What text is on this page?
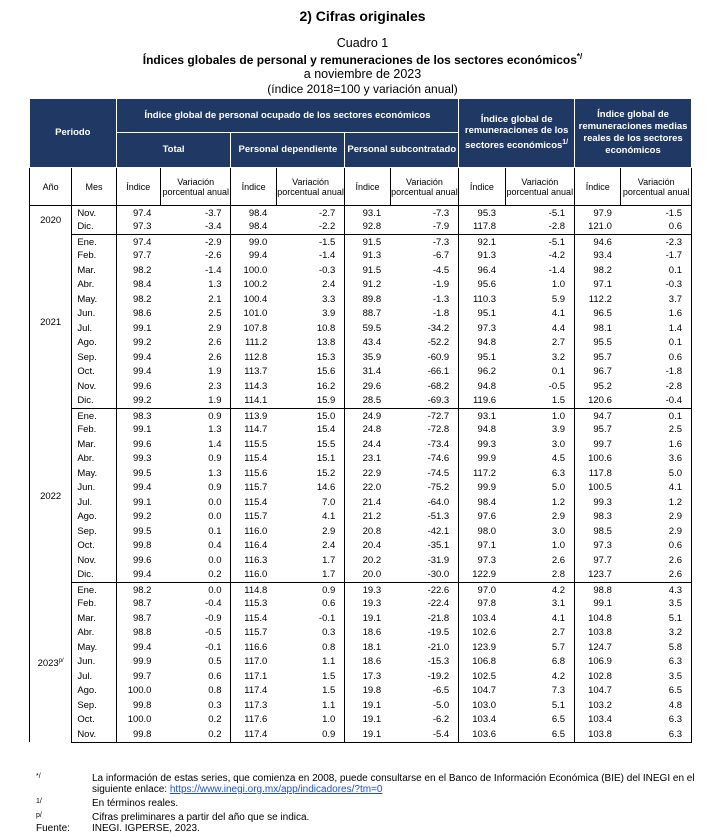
2) Cifras originales
Cuadro 1
Índices globales de personal y remuneraciones de los sectores económicos*/
a noviembre de 2023
(índice 2018=100 y variación anual)
Periodo		Índice global de personal ocupado de los sectores económicos						Índice global de remuneraciones de los sectores económicos$^{1/}$		Índice global de remuneraciones medias reales de los sectores económicos	
		Total		Personal dependiente		Personal subcontratado					
Año	Mes	Índice	Variación porcentual anual	Índice	Variación porcentual anual	Índice	Variación porcentual anual	Índice	Variación porcentual anual	Índice	Variación porcentual anual
2020	Nov.	97.4	-3.7	98.4	-2.7	93.1	-7.3	95.3	-5.1	97.9	-1.5
	Dic.	97.3	-3.4	98.4	-2.2	92.8	-7.9	117.8	-2.8	121.0	0.6
2021	Ene.	97.4	-2.9	99.0	-1.5	91.5	-7.3	92.1	-5.1	94.6	-2.3
	Feb.	97.7	-2.6	99.4	-1.4	91.3	-6.7	91.3	-4.2	93.4	-1.7
	Mar.	98.2	-1.4	100.0	-0.3	91.5	-4.5	96.4	-1.4	98.2	0.1
	Abr.	98.4	1.3	100.2	2.4	91.2	-1.9	95.6	1.0	97.1	-0.3
	May.	98.2	2.1	100.4	3.3	89.8	-1.3	110.3	5.9	112.2	3.7
	Jun.	98.6	2.5	101.0	3.9	88.7	-1.8	95.1	4.1	96.5	1.6
	Jul.	99.1	2.9	107.8	10.8	59.5	-34.2	97.3	4.4	98.1	1.4
	Ago.	99.2	2.6	111.2	13.8	43.4	-52.2	94.8	2.7	95.5	0.1
	Sep.	99.4	2.6	112.8	15.3	35.9	-60.9	95.1	3.2	95.7	0.6
	Oct.	99.4	1.9	113.7	15.6	31.4	-66.1	96.2	0.1	96.7	-1.8
	Nov.	99.6	2.3	114.3	16.2	29.6	-68.2	94.8	-0.5	95.2	-2.8
	Dic.	99.2	1.9	114.1	15.9	28.5	-69.3	119.6	1.5	120.6	-0.4
2022	Ene.	98.3	0.9	113.9	15.0	24.9	-72.7	93.1	1.0	94.7	0.1
	Feb.	99.1	1.3	114.7	15.4	24.8	-72.8	94.8	3.9	95.7	2.5
	Mar.	99.6	1.4	115.5	15.5	24.4	-73.4	99.3	3.0	99.7	1.6
	Abr.	99.3	0.9	115.4	15.1	23.1	-74.6	99.9	4.5	100.6	3.6
	May.	99.5	1.3	115.6	15.2	22.9	-74.5	117.2	6.3	117.8	5.0
	Jun.	99.4	0.9	115.7	14.6	22.0	-75.2	99.9	5.0	100.5	4.1
	Jul.	99.1	0.0	115.4	7.0	21.4	-64.0	98.4	1.2	99.3	1.2
	Ago.	99.2	0.0	115.7	4.1	21.2	-51.3	97.6	2.9	98.3	2.9
	Sep.	99.5	0.1	116.0	2.9	20.8	-42.1	98.0	3.0	98.5	2.9
	Oct.	99.8	0.4	116.4	2.4	20.4	-35.1	97.1	1.0	97.3	0.6
	Nov.	99.6	0.0	116.3	1.7	20.2	-31.9	97.3	2.6	97.7	2.6
	Dic.	99.4	0.2	116.0	1.7	20.0	-30.0	122.9	2.8	123.7	2.6
$2023^{p/}$	Ene.	98.2	0.0	114.8	0.9	19.3	-22.6	97.0	4.2	98.8	4.3
	Feb.	98.7	-0.4	115.3	0.6	19.3	-22.4	97.8	3.1	99.1	3.5
	Mar.	98.7	-0.9	115.4	-0.1	19.1	-21.8	103.4	4.1	104.8	5.1
	Abr.	98.8	-0.5	115.7	0.3	18.6	-19.5	102.6	2.7	103.8	3.2
	May.	99.4	-0.1	116.6	0.8	18.1	-21.0	123.9	5.7	124.7	5.8
	Jun.	99.9	0.5	117.0	1.1	18.6	-15.3	106.8	6.8	106.9	6.3
	Jul.	99.7	0.6	117.1	1.5	17.3	-19.2	102.5	4.2	102.8	3.5
	Ago.	100.0	0.8	117.4	1.5	19.8	-6.5	104.7	7.3	104.7	6.5
	Sep.	99.8	0.3	117.3	1.1	19.1	-5.0	103.0	5.1	103.2	4.8
	Oct.	100.0	0.2	117.6	1.0	19.1	-6.2	103.4	6.5	103.4	6.3
	Nov.	99.8	0.2	117.4	0.9	19.1	-5.4	103.6	6.5	103.8	6.3
*/	La información de estas series, que comienza en 2008, puede consultarse en el Banco de Información Económica (BIE) del INEGI en el siguiente enlace: https://www.inegi.org.mx/app/indicadores/?tm=0
1/	En términos reales.
p/	Cifras preliminares a partir del año que se indica.
Fuente: INEGI. IGPERSE, 2023.
